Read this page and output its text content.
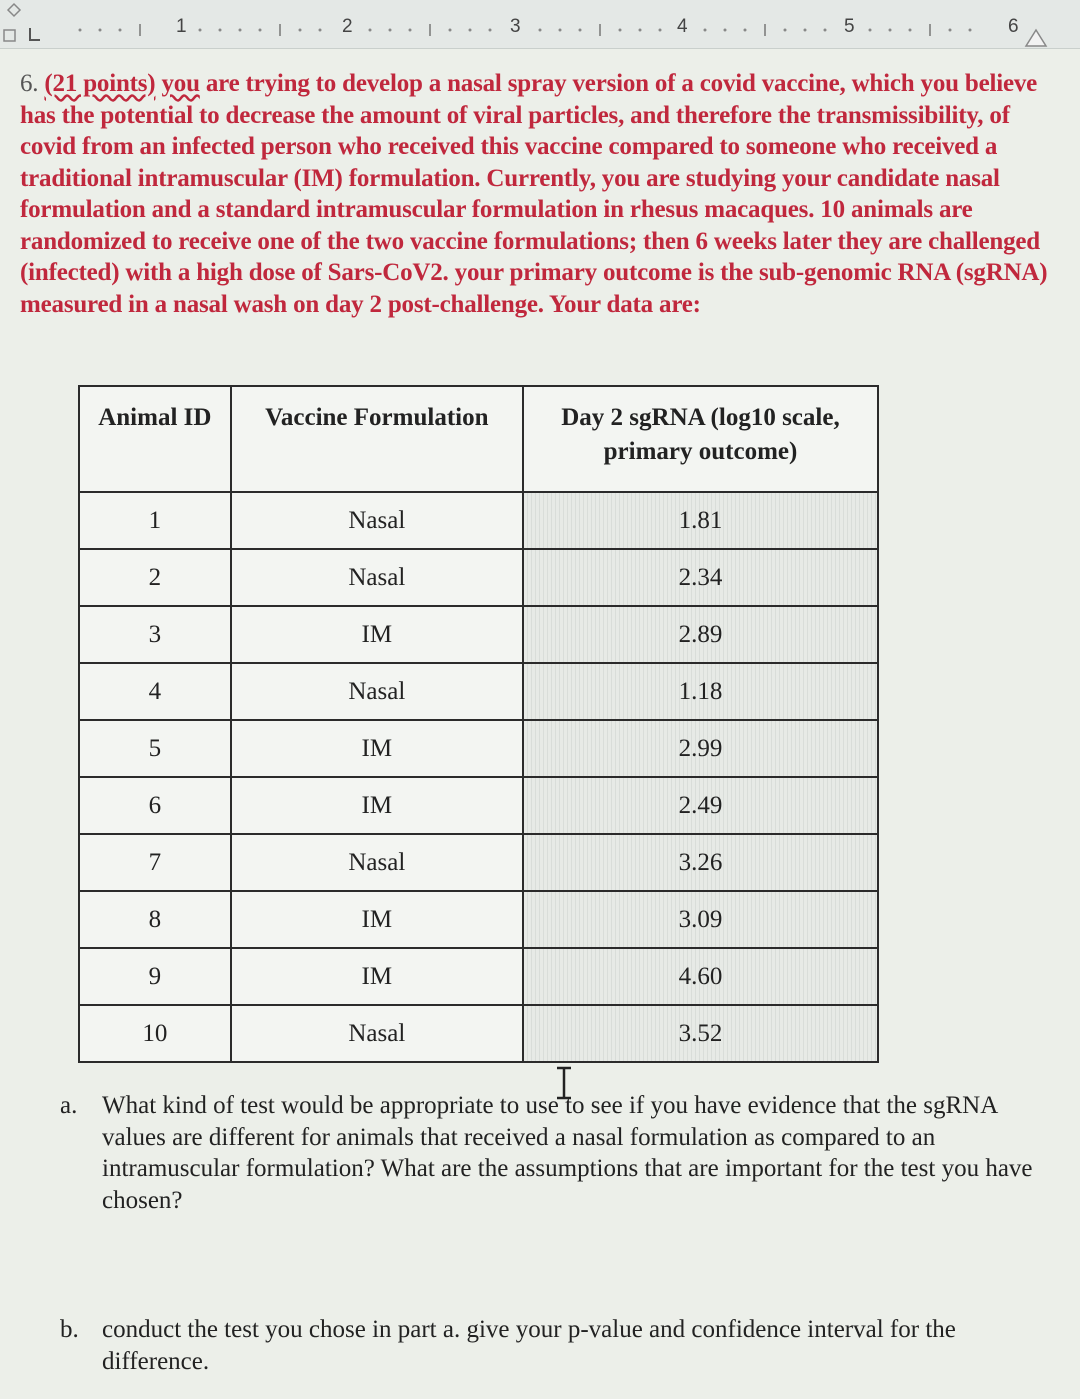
1	2	3	4	5	6
6. (21 points) you are trying to develop a nasal spray version of a covid vaccine, which you believe has the potential to decrease the amount of viral particles, and therefore the transmissibility, of covid from an infected person who received this vaccine compared to someone who received a traditional intramuscular (IM) formulation. Currently, you are studying your candidate nasal formulation and a standard intramuscular formulation in rhesus macaques. 10 animals are randomized to receive one of the two vaccine formulations; then 6 weeks later they are challenged (infected) with a high dose of Sars-CoV2. your primary outcome is the sub-genomic RNA (sgRNA) measured in a nasal wash on day 2 post-challenge. Your data are:
Animal ID	Vaccine Formulation	Day 2 sgRNA (log10 scale, primary outcome)
1	Nasal	1.81
2	Nasal	2.34
3	IM	2.89
4	Nasal	1.18
5	IM	2.99
6	IM	2.49
7	Nasal	3.26
8	IM	3.09
9	IM	4.60
10	Nasal	3.52
a. What kind of test would be appropriate to use to see if you have evidence that the sgRNA values are different for animals that received a nasal formulation as compared to an intramuscular formulation? What are the assumptions that are important for the test you have chosen?
b. conduct the test you chose in part a. give your p-value and confidence interval for the difference.
